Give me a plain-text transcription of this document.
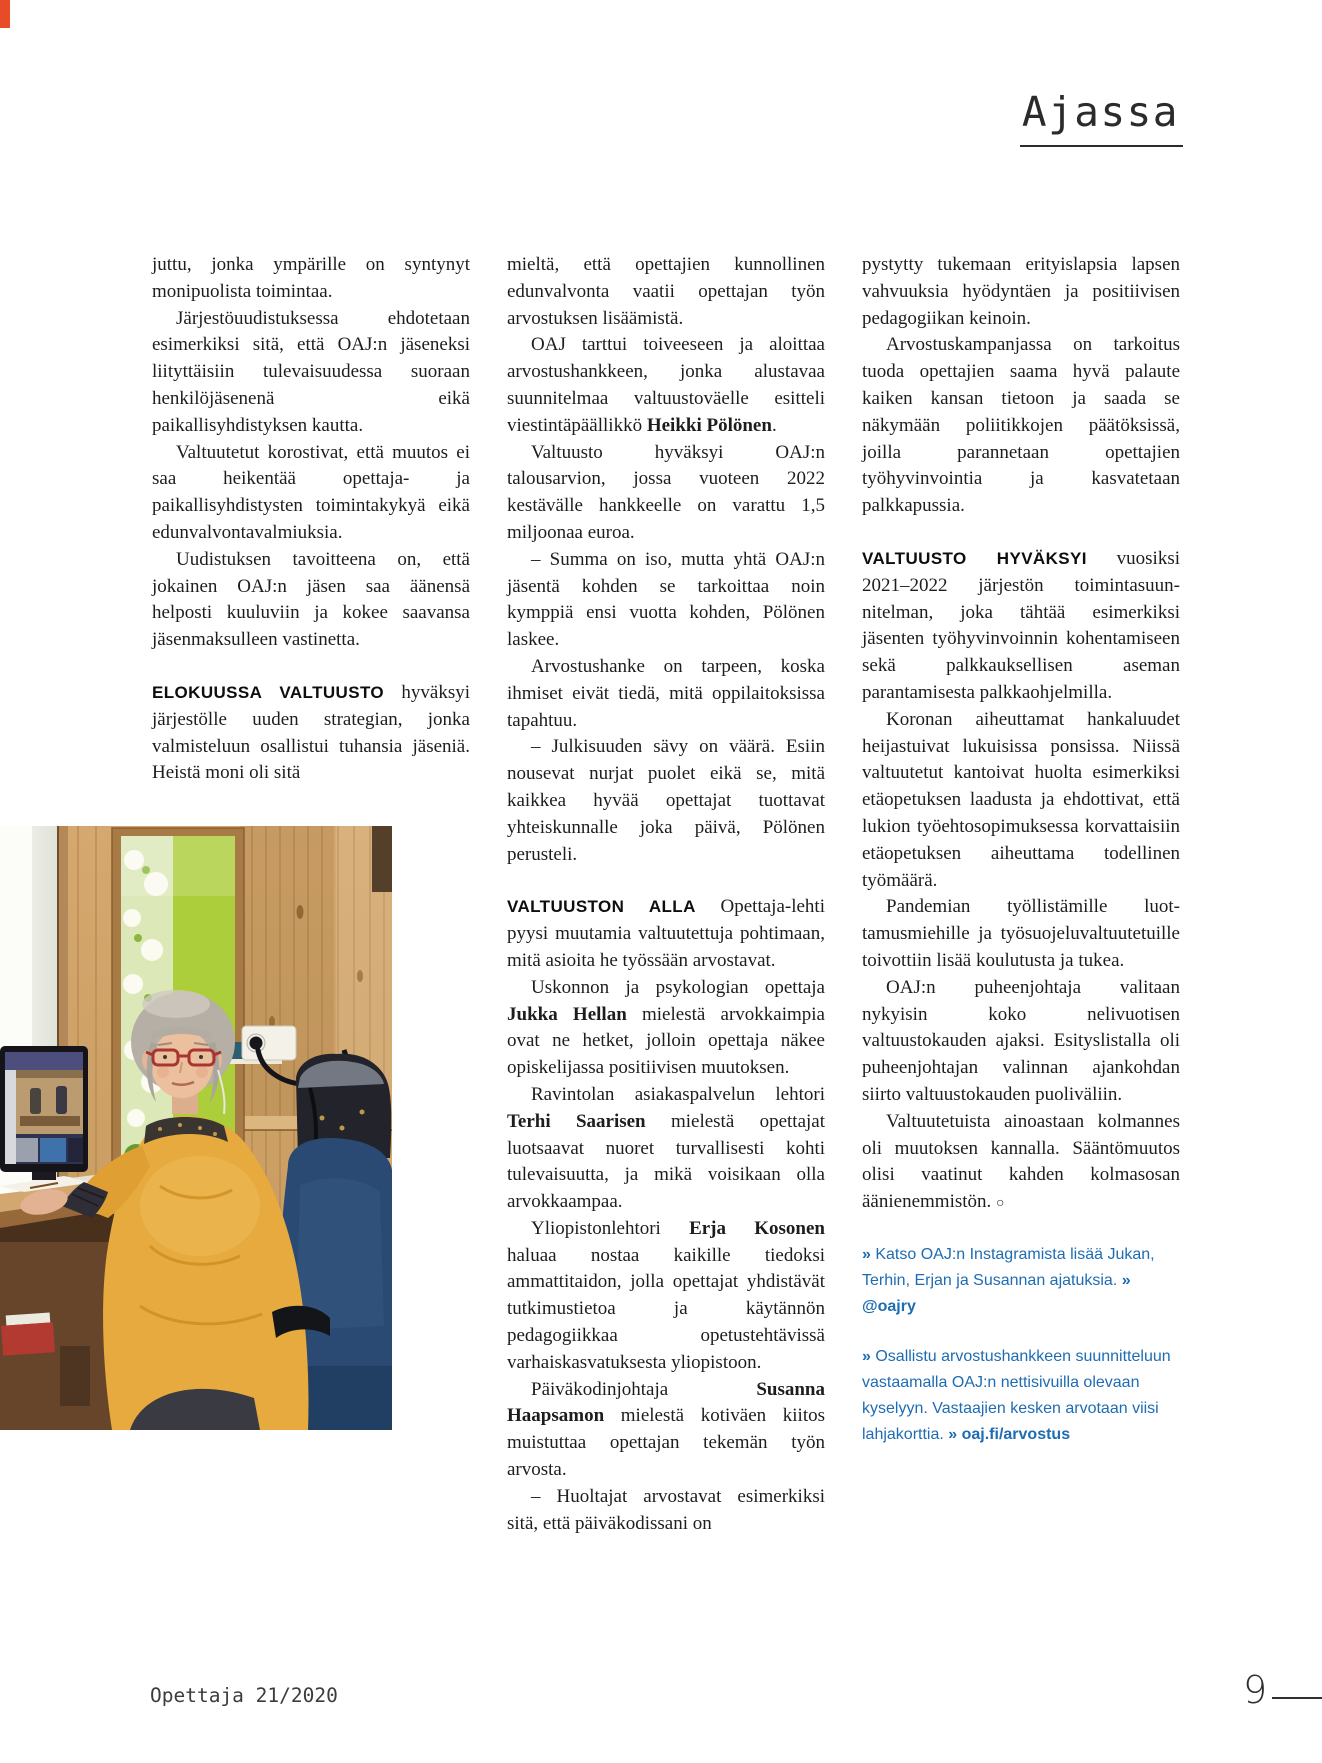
Ajassa

juttu, jonka ympärille on syntynyt monipuolista toimintaa.

Järjestöuudistuksessa ehdotetaan esimerkiksi sitä, että OAJ:n jäseneksi liityttäisiin tulevaisuudessa suoraan henkilöjäsenenä eikä paikallisyhdistyksen kautta.

Valtuutetut korostivat, että muutos ei saa heikentää opettaja- ja paikallisyhdistysten toimintakykyä eikä edunvalvontavalmiuksia.

Uudistuksen tavoitteena on, että jokainen OAJ:n jäsen saa äänensä helposti kuuluviin ja kokee saavansa jäsenmaksulleen vastinetta.

ELOKUUSSA VALTUUSTO hyväksyi järjestölle uuden strategian, jonka valmisteluun osallistui tuhansia jäseniä. Heistä moni oli sitä

mieltä, että opettajien kunnollinen edunvalvonta vaatii opettajan työn arvostuksen lisäämistä.

OAJ tarttui toiveeseen ja aloittaa arvostushankkeen, jonka alustavaa suunnitelmaa valtuustoväelle esitteli viestintäpäällikkö Heikki Pölönen.

Valtuusto hyväksyi OAJ:n talousarvion, jossa vuoteen 2022 kestävälle hankkeelle on varattu 1,5 miljoonaa euroa.

– Summa on iso, mutta yhtä OAJ:n jäsentä kohden se tarkoittaa noin kymppiä ensi vuotta kohden, Pölönen laskee.

Arvostushanke on tarpeen, koska ihmiset eivät tiedä, mitä oppilaitoksissa tapahtuu.

– Julkisuuden sävy on väärä. Esiin nousevat nurjat puolet eikä se, mitä kaikkea hyvää opettajat tuottavat yhteiskunnalle joka päivä, Pölönen perusteli.

VALTUUSTON ALLA Opettaja-lehti pyysi muutamia valtuutettuja pohtimaan, mitä asioita he työssään arvostavat.

Uskonnon ja psykologian opettaja Jukka Hellan mielestä arvokkaimpia ovat ne hetket, jolloin opettaja näkee opiskelijassa positiivisen muutoksen.

Ravintolan asiakaspalvelun lehtori Terhi Saarisen mielestä opettajat luotsaavat nuoret turvallisesti kohti tulevaisuutta, ja mikä voisikaan olla arvokkaampaa.

Yliopistonlehtori Erja Kosonen haluaa nostaa kaikille tiedoksi ammattitaidon, jolla opettajat yhdistävät tutkimustietoa ja käytännön pedagogiikkaa opetustehtävissä varhaiskasvatuksesta yliopistoon.

Päiväkodinjohtaja Susanna Haapsamon mielestä kotiväen kiitos muistuttaa opettajan tekemän työn arvosta.

– Huoltajat arvostavat esimerkiksi sitä, että päiväkodissani on

pystytty tukemaan erityislapsia lapsen vahvuuksia hyödyntäen ja positiivisen pedagogiikan keinoin.

Arvostuskampanjassa on tarkoitus tuoda opettajien saama hyvä palaute kaiken kansan tietoon ja saada se näkymään poliitikkojen päätöksissä, joilla parannetaan opettajien työhyvinvointia ja kasvatetaan palkkapussia.

VALTUUSTO HYVÄKSYI vuosiksi 2021–2022 järjestön toimintasuunnitelman, joka tähtää esimerkiksi jäsenten työhyvinvoinnin kohentamiseen sekä palkkauksellisen aseman parantamisesta palkkaohjelmilla.

Koronan aiheuttamat hankaluudet heijastuivat lukuisissa ponsissa. Niissä valtuutetut kantoivat huolta esimerkiksi etäopetuksen laadusta ja ehdottivat, että lukion työehtosopimuksessa korvattaisiin etäopetuksen aiheuttama todellinen työmäärä.

Pandemian työllistämille luottamusmiehille ja työsuojeluvaltuutetuille toivottiin lisää koulutusta ja tukea.

OAJ:n puheenjohtaja valitaan nykyisin koko nelivuotisen valtuustokauden ajaksi. Esityslistalla oli puheenjohtajan valinnan ajankohdan siirto valtuustokauden puoliväliin.

Valtuutetuista ainoastaan kolmannes oli muutoksen kannalla. Sääntömuutos olisi vaatinut kahden kolmasosan äänienemmistön. ○

» Katso OAJ:n Instagramista lisää Jukan, Terhin, Erjan ja Susannan ajatuksia. » @oajry

» Osallistu arvostushankkeen suunnitteluun vastaamalla OAJ:n nettisivuilla olevaan kyselyyn. Vastaajien kesken arvotaan viisi lahjakorttia. » oaj.fi/arvostus

Opettaja 21/2020	9
